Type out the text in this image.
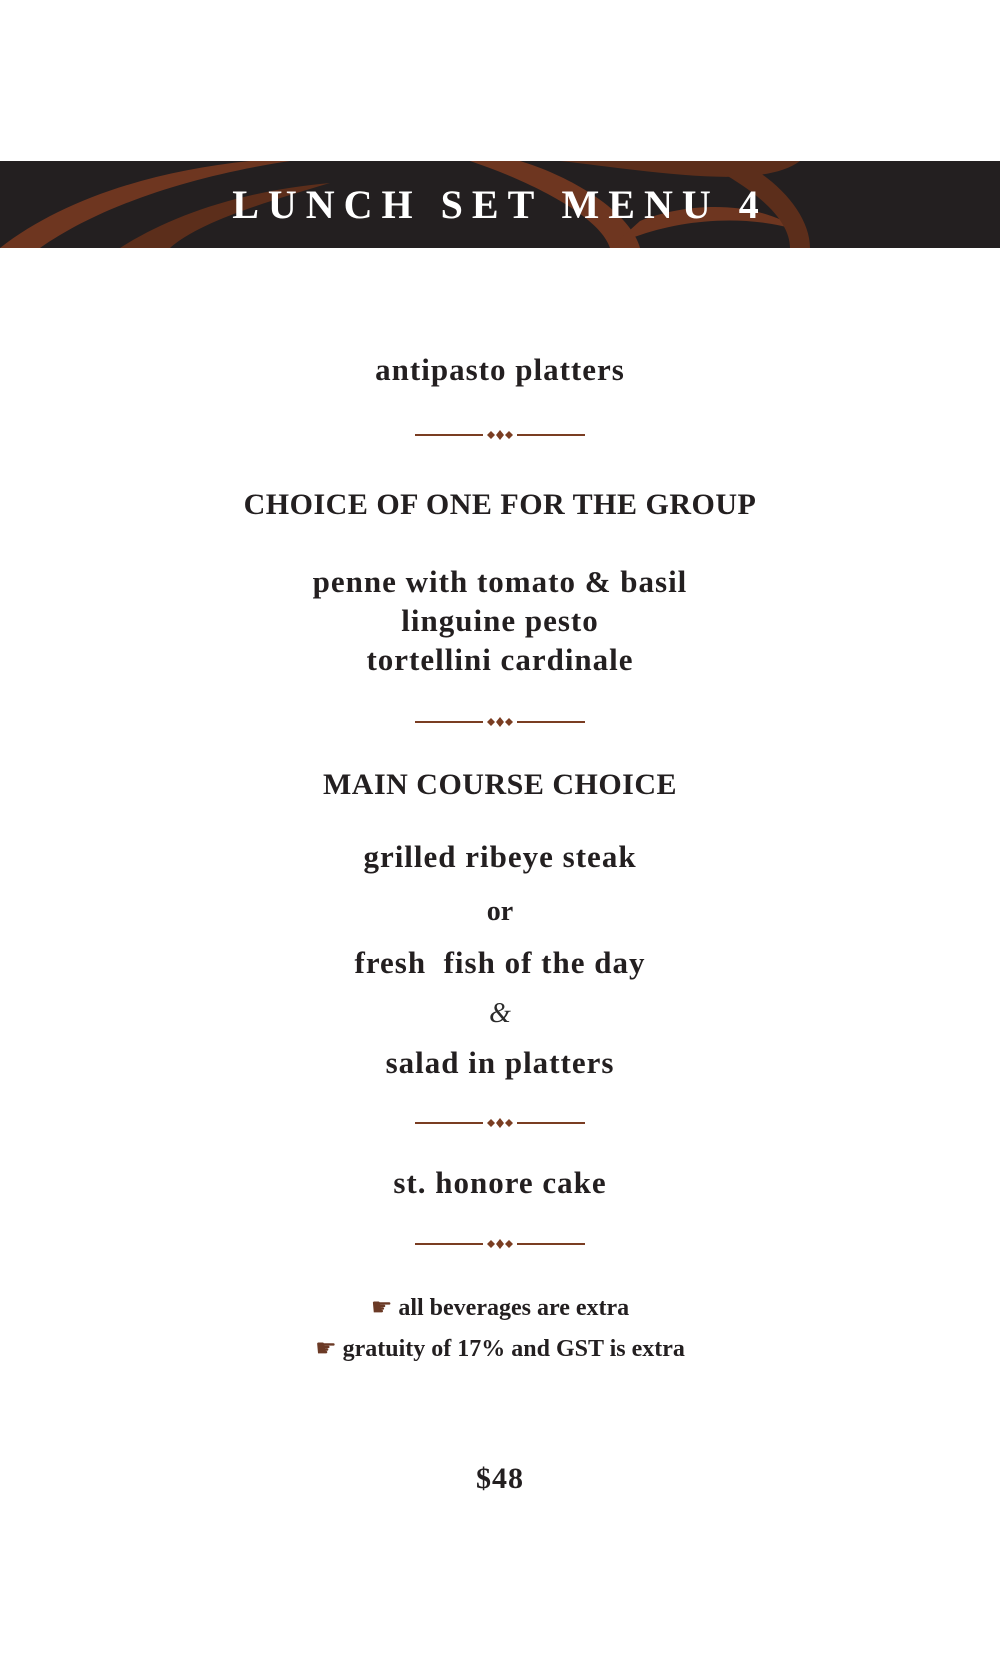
LUNCH SET MENU 4
antipasto platters
CHOICE OF ONE FOR THE GROUP
penne with tomato & basil
linguine pesto
tortellini cardinale
MAIN COURSE CHOICE
grilled ribeye steak
or
fresh  fish of the day
&
salad in platters
st. honore cake
☛ all beverages are extra
☛ gratuity of 17% and GST is extra
$48
